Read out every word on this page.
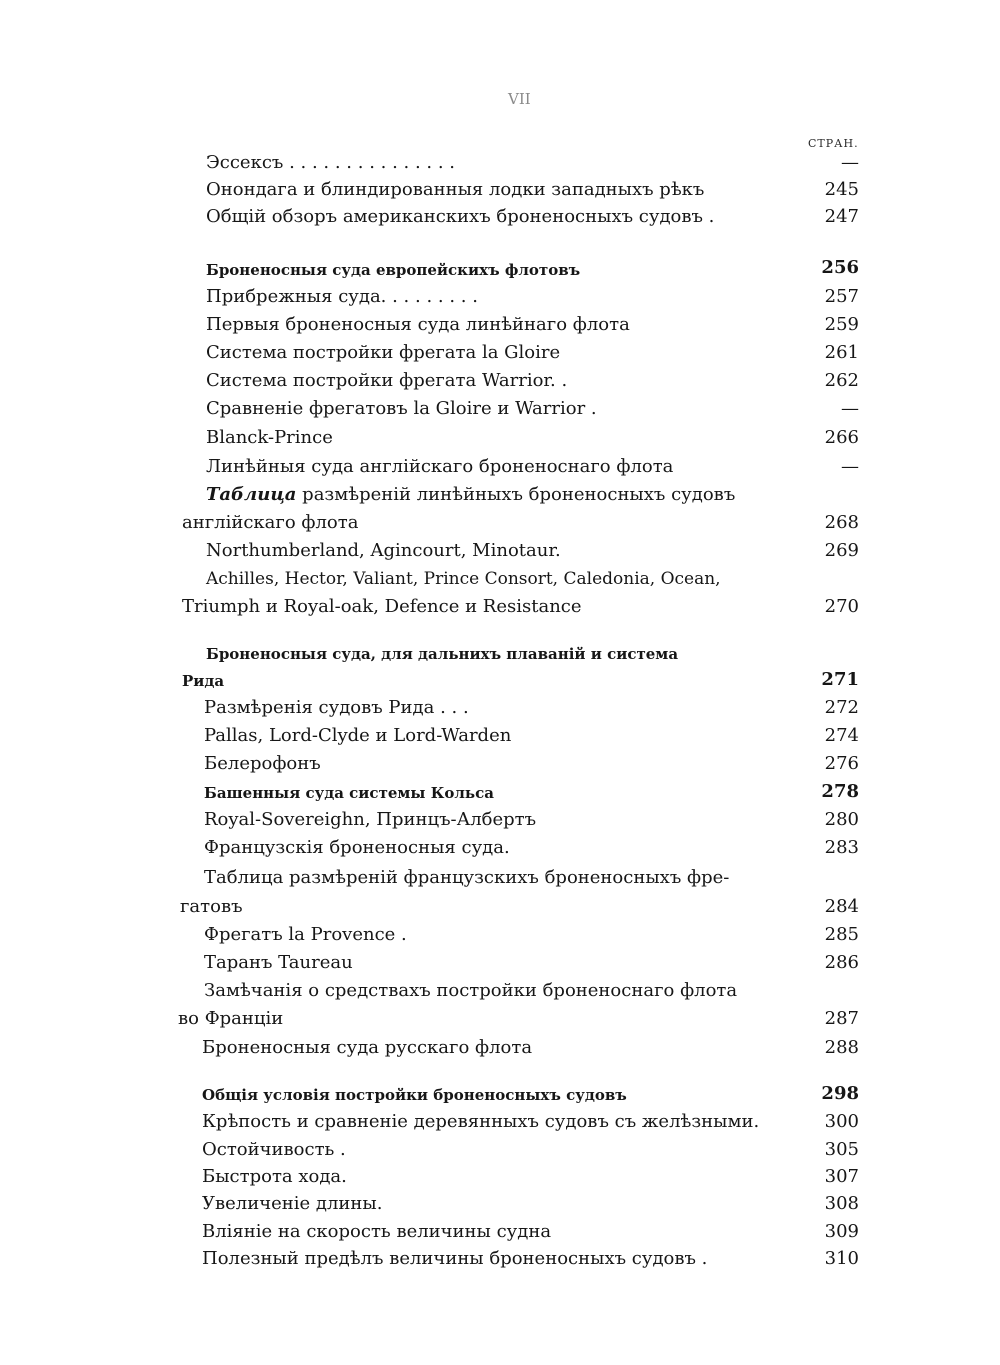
VII
СТРАН.
Эссексъ . . . . . . . . . . . . . . .	—
Онондага и блиндированныя лодки западныхъ рѣкъ	245
Общій обзоръ американскихъ броненосныхъ судовъ .	247
Броненосныя суда европейскихъ флотовъ	256
Прибрежныя суда. . . . . . . . .	257
Первыя броненосныя суда линѣйнаго флота	259
Система постройки фрегата la Gloire	261
Система постройки фрегата Warrior. .	262
Сравненіе фрегатовъ la Gloire и Warrior .	—
Blanck-Prince	266
Линѣйныя суда англійскаго броненоснаго флота	—
Таблица размѣреній линѣйныхъ броненосныхъ судовъ
англійскаго флота	268
Northumberland, Agincourt, Minotaur.	269
Achilles, Hector, Valiant, Prince Consort, Caledonia, Ocean,
Triumph и Royal-oak, Defence и Resistance	270
Броненосныя суда, для дальнихъ плаваній и система
Рида	271
Размѣренія судовъ Рида . . .	272
Pallas, Lord-Clyde и Lord-Warden	274
Белерофонъ	276
Башенныя суда системы Кольса	278
Royal-Sovereighn, Принцъ-Албертъ	280
Французскія броненосныя суда.	283
Таблица размѣреній французскихъ броненосныхъ фре-
гатовъ	284
Фрегатъ la Provence .	285
Таранъ Taureau	286
Замѣчанія о средствахъ постройки броненоснаго флота
во Франціи	287
Броненосныя суда русскаго флота	288
Общія условія постройки броненосныхъ судовъ	298
Крѣпость и сравненіе деревянныхъ судовъ съ желѣзными.	300
Остойчивость .	305
Быстрота хода.	307
Увеличеніе длины.	308
Вліяніе на скорость величины судна	309
Полезный предѣлъ величины броненосныхъ судовъ .	310
